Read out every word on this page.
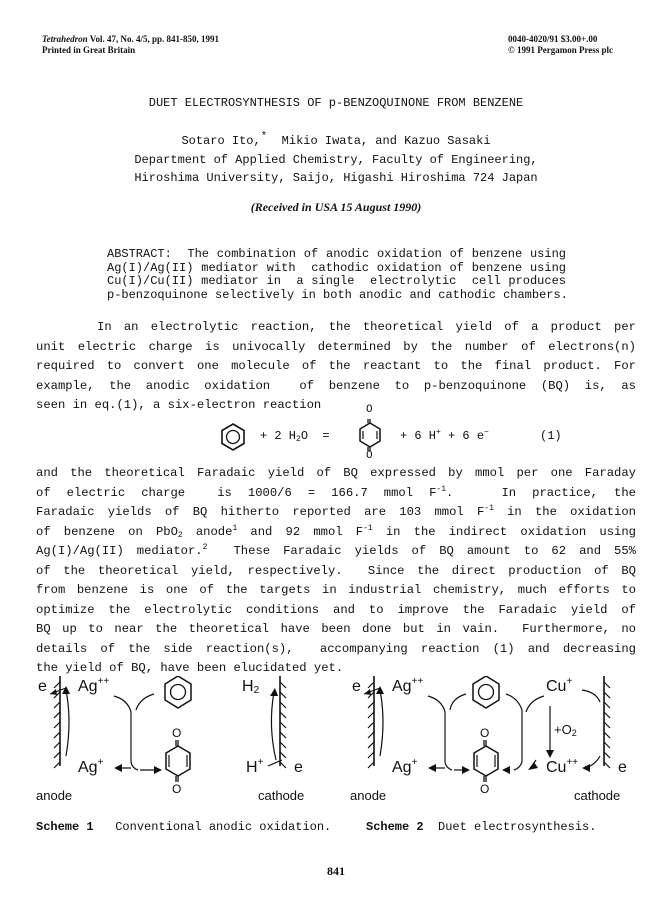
Tetrahedron Vol. 47, No. 4/5, pp. 841-850, 1991
Printed in Great Britain
0040-4020/91 $3.00+.00
© 1991 Pergamon Press plc
DUET ELECTROSYNTHESIS OF p-BENZOQUINONE FROM BENZENE
Sotaro Ito,*  Mikio Iwata, and Kazuo Sasaki
Department of Applied Chemistry, Faculty of Engineering,
Hiroshima University, Saijo, Higashi Hiroshima 724 Japan
(Received in USA 15 August 1990)
ABSTRACT:  The combination of anodic oxidation of benzene using
Ag(I)/Ag(II) mediator with  cathodic oxidation of benzene using
Cu(I)/Cu(II) mediator in  a single  electrolytic  cell produces
p-benzoquinone selectively in both anodic and cathodic chambers.
In an electrolytic reaction, the theoretical yield of a product per
unit electric charge is univocally determined by the number of electrons(n)
required to convert one molecule of the reactant to the final product. For
example, the anodic oxidation  of benzene to p-benzoquinone (BQ) is, as
seen in eq.(1), a six-electron reaction
+ 2 $H_2O$  =
O
O
+ 6 H+ + 6 e−	(1)
and the theoretical Faradaic yield of BQ expressed by mmol per one Faraday
of electric charge  is 1000/6 = 166.7 mmol $F^{-1}$.   In practice, the
Faradaic yields of BQ hitherto reported are 103 mmol $F^{-1}$ in the oxidation
of benzene on PbO$_2$ anode$^1$ and 92 mmol $F^{-1}$ in the indirect oxidation using
Ag(I)/Ag(II) mediator.$^2$  These Faradaic yields of BQ amount to 62 and 55%
of the theoretical yield, respectively.  Since the direct production of BQ
from benzene is one of the targets in industrial chemistry, much efforts to
optimize the electrolytic conditions and to improve the Faradaic yield of
BQ up to near the theoretical have been done but in vain.  Furthermore, no
details of the side reaction(s),  accompanying reaction (1) and decreasing
the yield of BQ, have been elucidated yet.
e Ag++
Ag+
O
O
$H_2$
H+ e
anode	cathode
Scheme 1 Conventional anodic oxidation.
e Ag++
Ag+
O
O
Cu+
$+O_2$
Cu++ e
anode	cathode
Scheme 2 Duet electrosynthesis.
841
